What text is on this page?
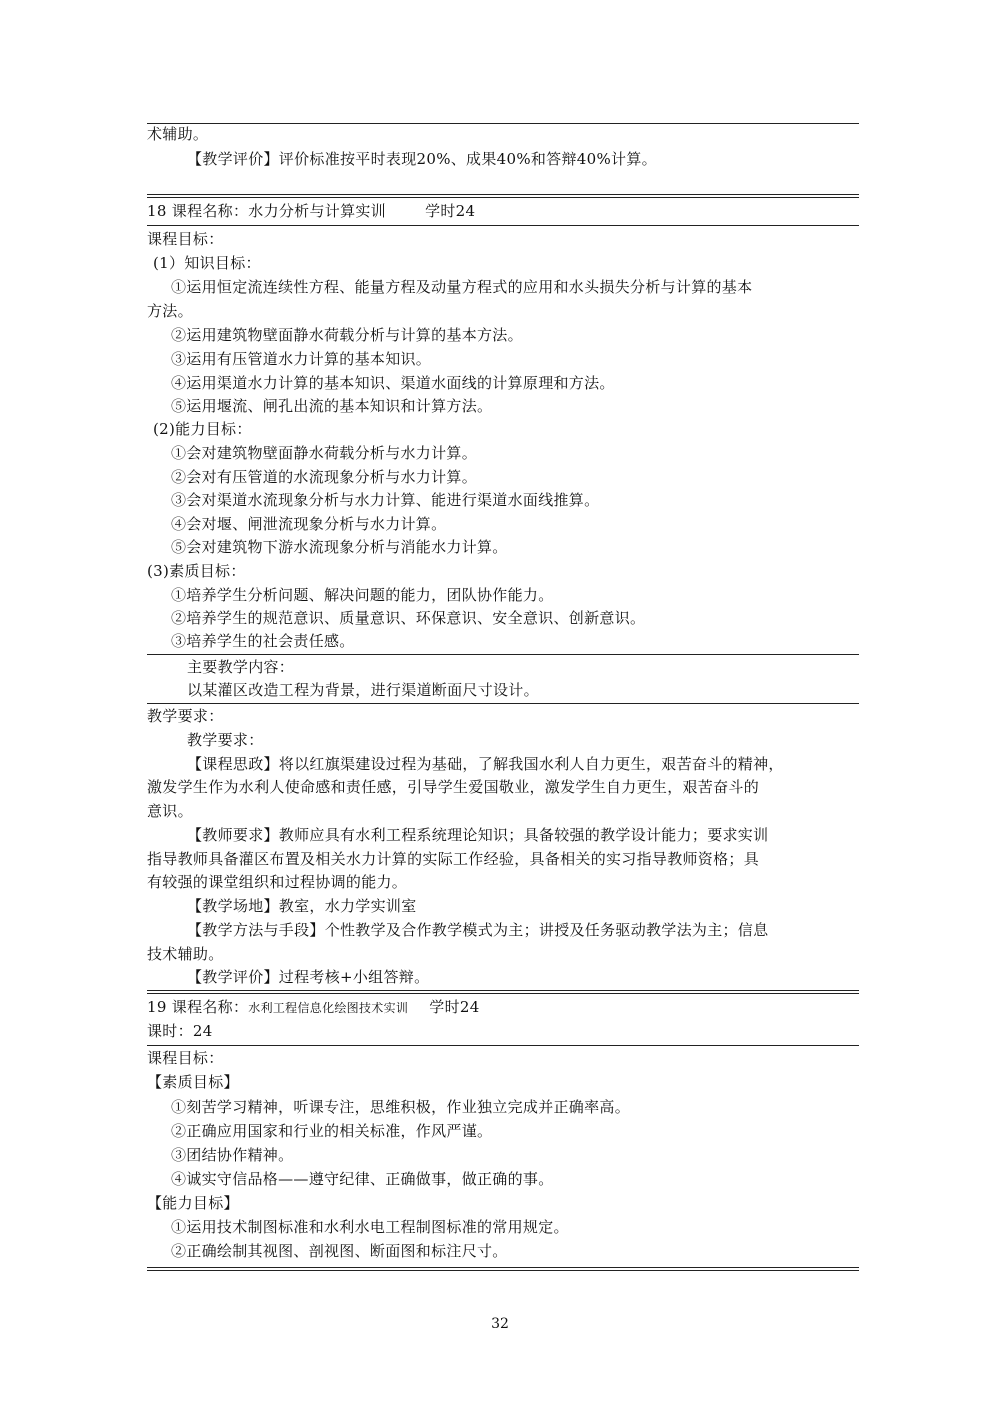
术辅助。
【教学评价】评价标准按平时表现20%、成果40%和答辩40%计算。
18 课程名称：水力分析与计算实训	学时24
课程目标：
(1）知识目标：
①运用恒定流连续性方程、能量方程及动量方程式的应用和水头损失分析与计算的基本
方法。
②运用建筑物壁面静水荷载分析与计算的基本方法。
③运用有压管道水力计算的基本知识。
④运用渠道水力计算的基本知识、渠道水面线的计算原理和方法。
⑤运用堰流、闸孔出流的基本知识和计算方法。
(2)能力目标：
①会对建筑物壁面静水荷载分析与水力计算。
②会对有压管道的水流现象分析与水力计算。
③会对渠道水流现象分析与水力计算、能进行渠道水面线推算。
④会对堰、闸泄流现象分析与水力计算。
⑤会对建筑物下游水流现象分析与消能水力计算。
(3)素质目标：
①培养学生分析问题、解决问题的能力，团队协作能力。
②培养学生的规范意识、质量意识、环保意识、安全意识、创新意识。
③培养学生的社会责任感。
主要教学内容：
以某灌区改造工程为背景，进行渠道断面尺寸设计。
教学要求：
教学要求：
【课程思政】将以红旗渠建设过程为基础，了解我国水利人自力更生，艰苦奋斗的精神，
激发学生作为水利人使命感和责任感，引导学生爱国敬业，激发学生自力更生，艰苦奋斗的
意识。
【教师要求】教师应具有水利工程系统理论知识；具备较强的教学设计能力；要求实训
指导教师具备灌区布置及相关水力计算的实际工作经验，具备相关的实习指导教师资格；具
有较强的课堂组织和过程协调的能力。
【教学场地】教室，水力学实训室
【教学方法与手段】个性教学及合作教学模式为主；讲授及任务驱动教学法为主；信息
技术辅助。
【教学评价】过程考核+小组答辩。
19 课程名称：水利工程信息化绘图技术实训 学时24
课时：24
课程目标：
【素质目标】
①刻苦学习精神，听课专注，思维积极，作业独立完成并正确率高。
②正确应用国家和行业的相关标准，作风严谨。
③团结协作精神。
④诚实守信品格——遵守纪律、正确做事，做正确的事。
【能力目标】
①运用技术制图标准和水利水电工程制图标准的常用规定。
②正确绘制其视图、剖视图、断面图和标注尺寸。
32
